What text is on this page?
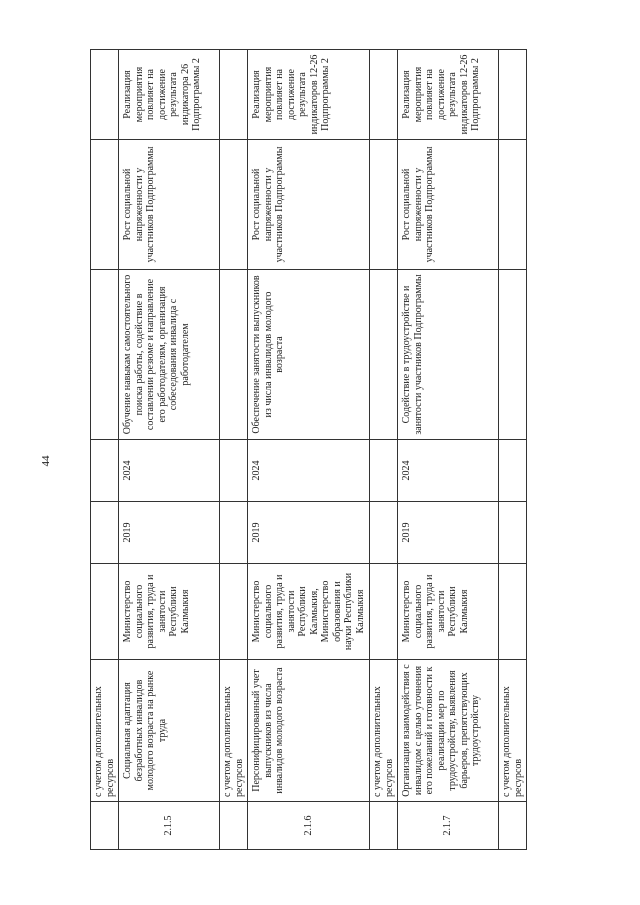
44
	с учетом дополнительных ресурсов						
2.1.5	Социальная адаптация безработных инвалидов молодого возраста на рынке труда	Министерство социального развития, труда и занятости Республики Калмыкия	2019	2024	Обучение навыкам самостоятельного поиска работы, содействие в составлении резюме и направление его работодателям, организация собеседования инвалида с работодателем	Рост социальной напряженности у участников Подпрограммы	Реализация мероприятия повлияет на достижение результата индикатора 26 Подпрограммы 2
	с учетом дополнительных ресурсов						
2.1.6	Персонифицированный учет выпускников из числа инвалидов молодого возраста	Министерство социального развития, труда и занятости Республики Калмыкия, Министерство образования и науки Республики Калмыкия	2019	2024	Обеспечение занятости выпускников из числа инвалидов молодого возраста	Рост социальной напряженности у участников Подпрограммы	Реализация мероприятия повлияет на достижение результата индикаторов 12-26 Подпрограммы 2
	с учетом дополнительных ресурсов						
2.1.7	Организация взаимодействия с инвалидом с целью уточнения его пожеланий и готовности к реализации мер по трудоустройству, выявления барьеров, препятствующих трудоустройству	Министерство социального развития, труда и занятости Республики Калмыкия	2019	2024	Содействие в трудоустройстве и занятости участников Подпрограммы	Рост социальной напряженности у участников Подпрограммы	Реализация мероприятия повлияет на достижение результата индикаторов 12-26 Подпрограммы 2
	с учетом дополнительных ресурсов						
